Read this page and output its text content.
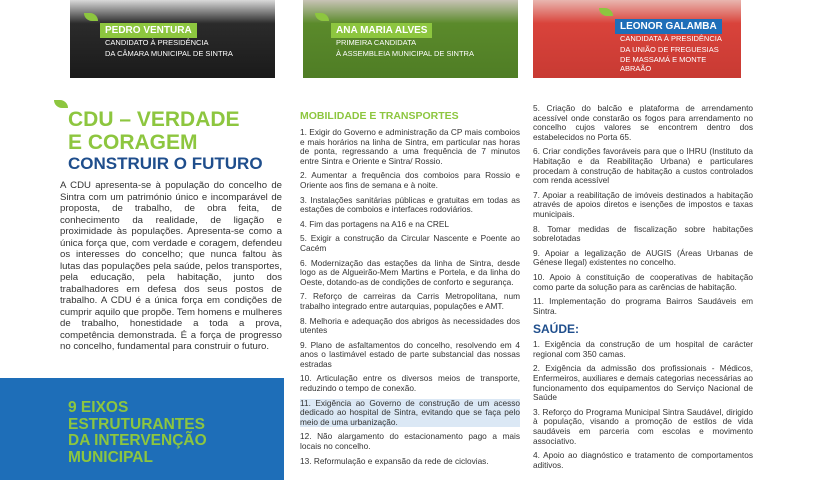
PEDRO VENTURA
CANDIDATO À PRESIDÊNCIA
DA CÂMARA MUNICIPAL DE SINTRA
ANA MARIA ALVES
PRIMEIRA CANDIDATA
À ASSEMBLEIA MUNICIPAL DE SINTRA
LEONOR GALAMBA
CANDIDATA À PRESIDÊNCIA
DA UNIÃO DE FREGUESIAS
DE MASSAMÁ E MONTE ABRAÃO
CDU – VERDADE
E CORAGEM
CONSTRUIR O FUTURO
A CDU apresenta-se à população do concelho de Sintra com um património único e incomparável de proposta, de trabalho, de obra feita, de conhecimento da realidade, de ligação e proximidade às populações. Apresenta-se como a única força que, com verdade e coragem, defendeu os interesses do concelho; que nunca faltou às lutas das populações pela saúde, pelos transportes, pela educação, pela habitação, junto dos trabalhadores em defesa dos seus postos de trabalho. A CDU é a única força em condições de cumprir aquilo que propõe. Tem homens e mulheres de trabalho, honestidade a toda a prova, competência demonstrada. É a força de progresso no concelho, fundamental para construir o futuro.
9 EIXOS
ESTRUTURANTES
DA INTERVENÇÃO
MUNICIPAL
MOBILIDADE E TRANSPORTES
1. Exigir do Governo e administração da CP mais comboios e mais horários na linha de Sintra, em particular nas horas de ponta, regressando a uma frequência de 7 minutos entre Sintra e Oriente e Sintra/ Rossio.
2. Aumentar a frequência dos comboios para Rossio e Oriente aos fins de semana e à noite.
3. Instalações sanitárias públicas e gratuitas em todas as estações de comboios e interfaces rodoviários.
4. Fim das portagens na A16 e na CREL
5. Exigir a construção da Circular Nascente e Poente ao Cacém
6. Modernização das estações da linha de Sintra, desde logo as de Algueirão-Mem Martins e Portela, e da linha do Oeste, dotando-as de condições de conforto e segurança.
7. Reforço de carreiras da Carris Metropolitana, num trabalho integrado entre autarquias, populações e AMT.
8. Melhoria e adequação dos abrigos às necessidades dos utentes
9. Plano de asfaltamentos do concelho, resolvendo em 4 anos o lastimável estado de parte substancial das nossas estradas
10. Articulação entre os diversos meios de transporte, reduzindo o tempo de conexão.
11. Exigência ao Governo de construção de um acesso dedicado ao hospital de Sintra, evitando que se faça pelo meio de uma urbanização.
12. Não alargamento do estacionamento pago a mais locais no concelho.
13. Reformulação e expansão da rede de ciclovias.
5. Criação do balcão e plataforma de arrendamento acessível onde constarão os fogos para arrendamento no concelho cujos valores se encontrem dentro dos estabelecidos no Porta 65.
6. Criar condições favoráveis para que o IHRU (Instituto da Habitação e da Reabilitação Urbana) e particulares procedam à construção de habitação a custos controlados com renda acessível
7. Apoiar a reabilitação de imóveis destinados a habitação através de apoios diretos e isenções de impostos e taxas municipais.
8. Tomar medidas de fiscalização sobre habitações sobrelotadas
9. Apoiar a legalização de AUGIS (Áreas Urbanas de Génese Ilegal) existentes no concelho.
10. Apoio à constituição de cooperativas de habitação como parte da solução para as carências de habitação.
11. Implementação do programa Bairros Saudáveis em Sintra.
SAÚDE:
1. Exigência da construção de um hospital de carácter regional com 350 camas.
2. Exigência da admissão dos profissionais - Médicos, Enfermeiros, auxiliares e demais categorias necessárias ao funcionamento dos equipamentos do Serviço Nacional de Saúde
3. Reforço do Programa Municipal Sintra Saudável, dirigido à população, visando a promoção de estilos de vida saudáveis em parceria com escolas e movimento associativo.
4. Apoio ao diagnóstico e tratamento de comportamentos aditivos.
